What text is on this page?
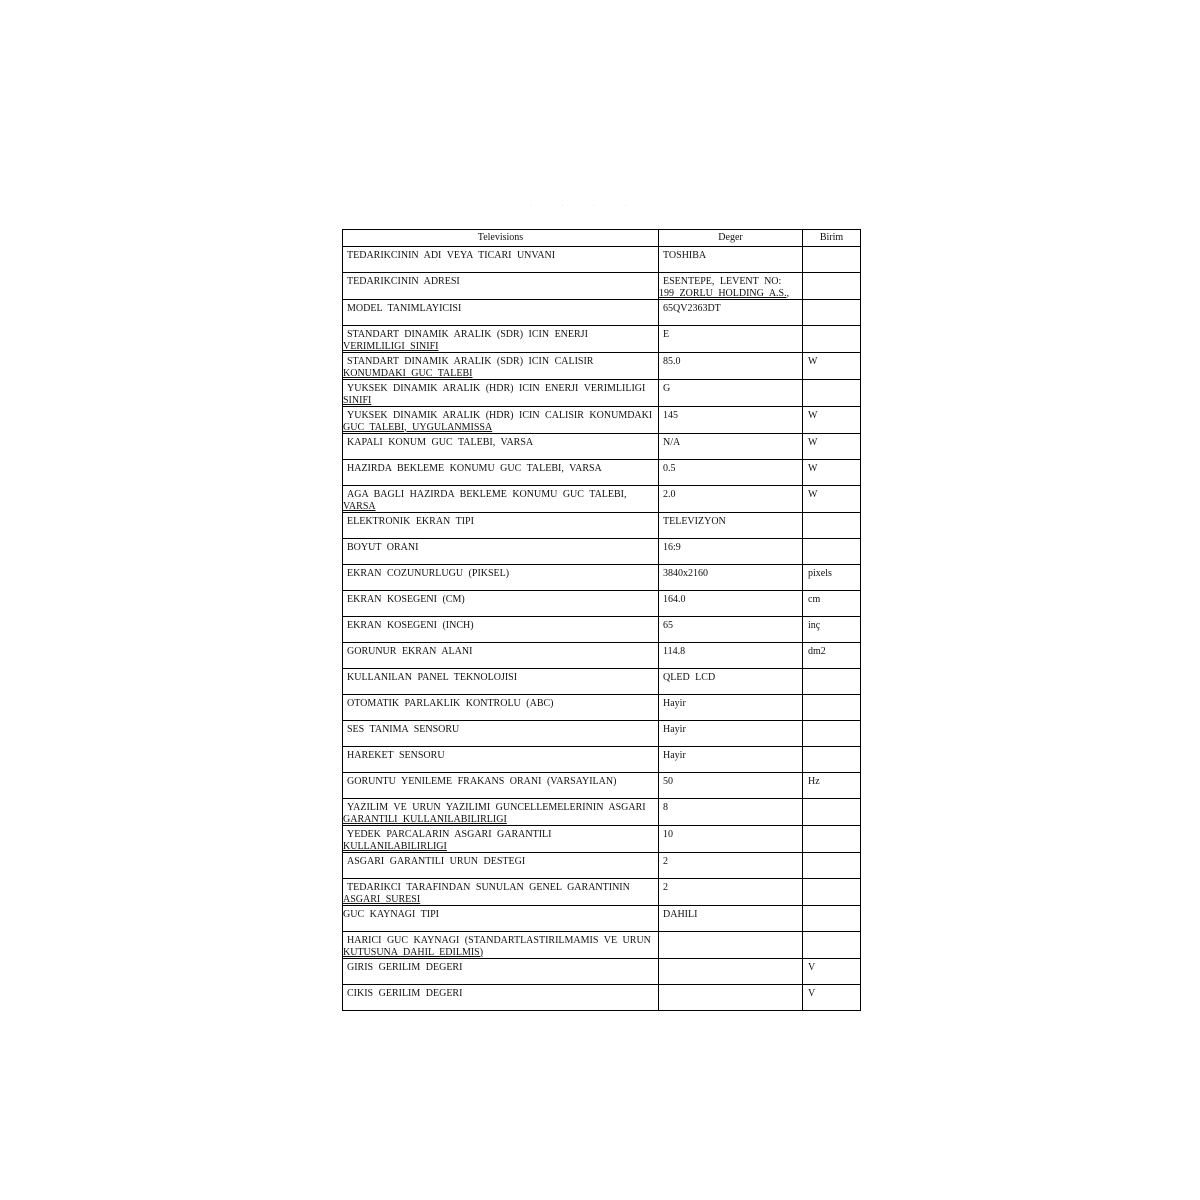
. . . .
Televisions	Deger	Birim

TEDARIKCININ ADI VEYA TICARI UNVANI	TOSHIBA	

TEDARIKCININ ADRESI	ESENTEPE, LEVENT NO:
199 ZORLU HOLDING A.S.,	

MODEL TANIMLAYICISI	65QV2363DT	

STANDART DINAMIK ARALIK (SDR) ICIN ENERJI
VERIMLILIGI SINIFI	E	

STANDART DINAMIK ARALIK (SDR) ICIN CALISIR
KONUMDAKI GUC TALEBI	85.0	W

YUKSEK DINAMIK ARALIK (HDR) ICIN ENERJI VERIMLILIGI
SINIFI	G	

YUKSEK DINAMIK ARALIK (HDR) ICIN CALISIR KONUMDAKI
GUC TALEBI, UYGULANMISSA	145	W

KAPALI KONUM GUC TALEBI, VARSA	N/A	W

HAZIRDA BEKLEME KONUMU GUC TALEBI, VARSA	0.5	W

AGA BAGLI HAZIRDA BEKLEME KONUMU GUC TALEBI,
VARSA	2.0	W

ELEKTRONIK EKRAN TIPI	TELEVIZYON	

BOYUT ORANI	16:9	

EKRAN COZUNURLUGU (PIKSEL)	3840x2160	pixels

EKRAN KOSEGENI (CM)	164.0	cm

EKRAN KOSEGENI (INCH)	65	inç

GORUNUR EKRAN ALANI	114.8	dm2

KULLANILAN PANEL TEKNOLOJISI	QLED LCD	

OTOMATIK PARLAKLIK KONTROLU (ABC)	Hayir	

SES TANIMA SENSORU	Hayir	

HAREKET SENSORU	Hayir	

GORUNTU YENILEME FRAKANS ORANI (VARSAYILAN)	50	Hz

YAZILIM VE URUN YAZILIMI GUNCELLEMELERININ ASGARI
GARANTILI KULLANILABILIRLIGI	8	

YEDEK PARCALARIN ASGARI GARANTILI
KULLANILABILIRLIGI	10	

ASGARI GARANTILI URUN DESTEGI	2	

TEDARIKCI TARAFINDAN SUNULAN GENEL GARANTININ
ASGARI SURESI	2	

GUC KAYNAGI TIPI	DAHILI	

HARICI GUC KAYNAGI (STANDARTLASTIRILMAMIS VE URUN
KUTUSUNA DAHIL EDILMIS)		

GIRIS GERILIM DEGERI		V

CIKIS GERILIM DEGERI		V
